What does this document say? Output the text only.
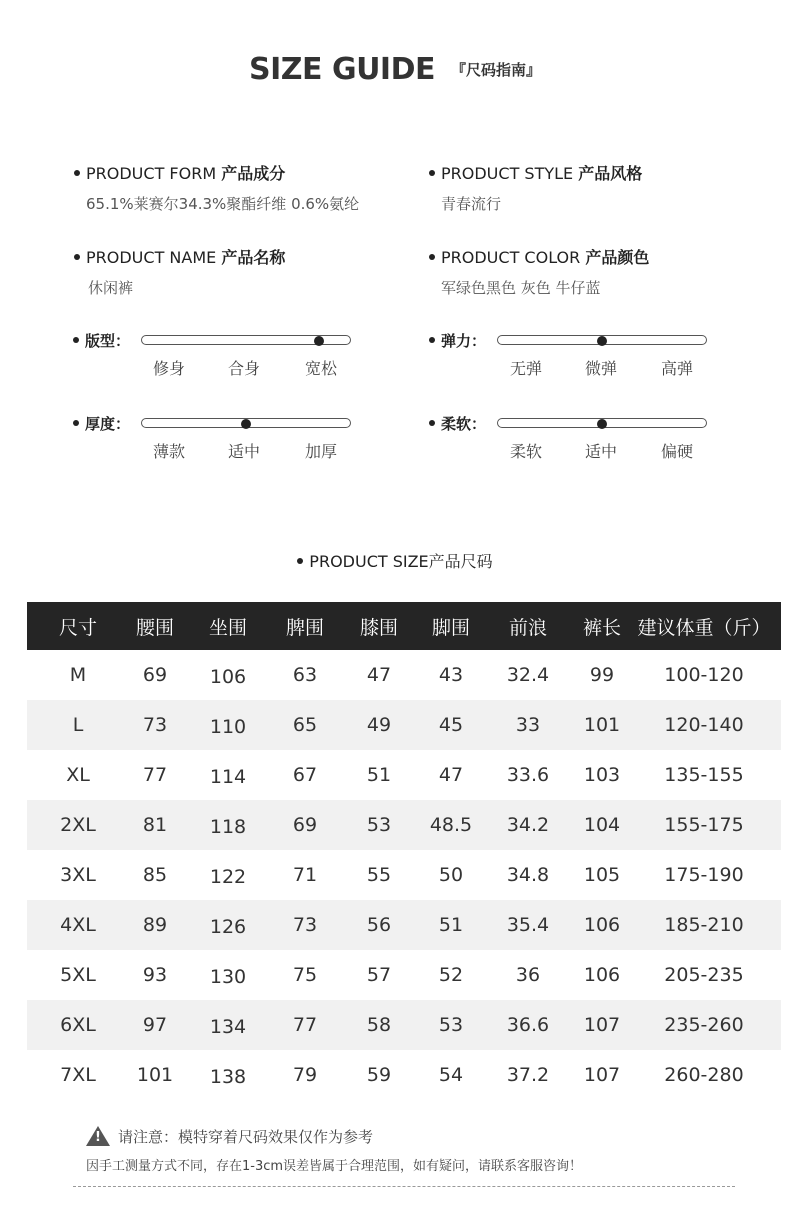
SIZE GUIDE 『尺码指南』
PRODUCT FORM 产品成分
65.1%莱赛尔34.3%聚酯纤维 0.6%氨纶
PRODUCT STYLE 产品风格
青春流行
PRODUCT NAME 产品名称
休闲裤
PRODUCT COLOR 产品颜色
军绿色黑色 灰色 牛仔蓝
版型：
修身	合身	宽松
弹力：
无弹	微弹	高弹
厚度：
薄款	适中	加厚
柔软：
柔软	适中	偏硬
PRODUCT SIZE产品尺码
尺寸	腰围	坐围	脾围	膝围	脚围	前浪	裤长	建议体重（斤）
M	69	106	63	47	43	32.4	99	100-120
L	73	110	65	49	45	33	101	120-140
XL	77	114	67	51	47	33.6	103	135-155
2XL	81	118	69	53	48.5	34.2	104	155-175
3XL	85	122	71	55	50	34.8	105	175-190
4XL	89	126	73	56	51	35.4	106	185-210
5XL	93	130	75	57	52	36	106	205-235
6XL	97	134	77	58	53	36.6	107	235-260
7XL	101	138	79	59	54	37.2	107	260-280
!请注意：模特穿着尺码效果仅作为参考
因手工测量方式不同，存在1-3cm误差皆属于合理范围，如有疑问，请联系客服咨询！
